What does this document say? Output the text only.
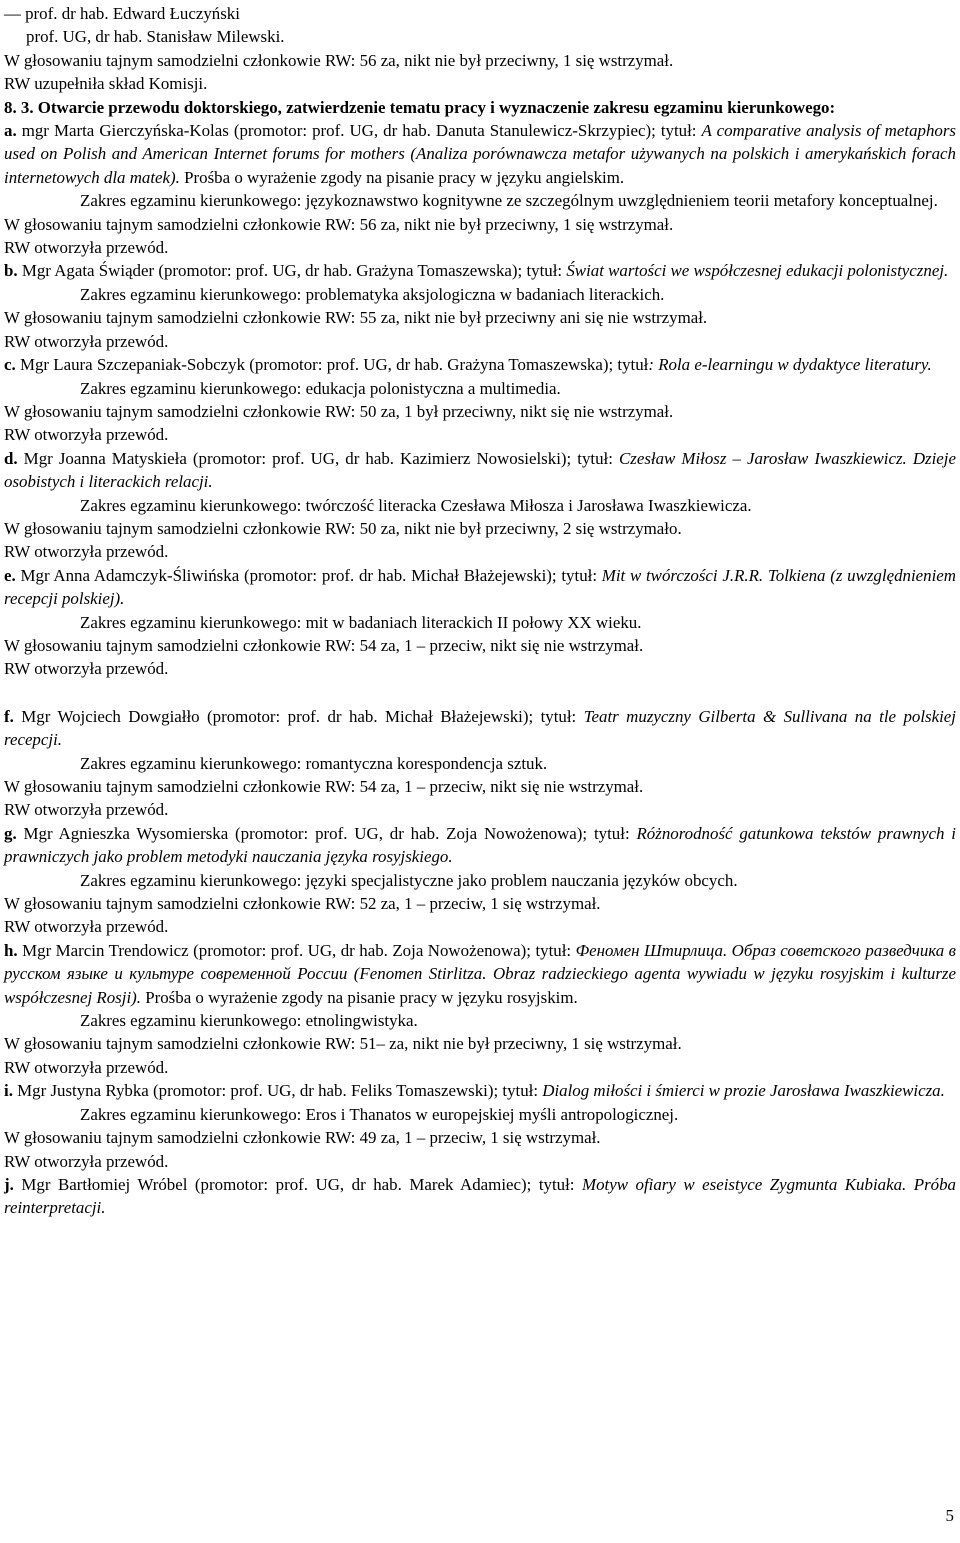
― prof. dr hab. Edward Łuczyński

prof. UG, dr hab. Stanisław Milewski.

W głosowaniu tajnym samodzielni członkowie RW: 56 za, nikt nie był przeciwny, 1 się wstrzymał.

RW uzupełniła skład Komisji.

8. 3. Otwarcie przewodu doktorskiego, zatwierdzenie tematu pracy i wyznaczenie zakresu egzaminu kierunkowego:

a. mgr Marta Gierczyńska-Kolas (promotor: prof. UG, dr hab. Danuta Stanulewicz-Skrzypiec); tytuł: A comparative analysis of metaphors used on Polish and American Internet forums for mothers (Analiza porównawcza metafor używanych na polskich i amerykańskich forach internetowych dla matek). Prośba o wyrażenie zgody na pisanie pracy w języku angielskim.

Zakres egzaminu kierunkowego: językoznawstwo kognitywne ze szczególnym uwzględnieniem teorii metafory konceptualnej.

W głosowaniu tajnym samodzielni członkowie RW: 56 za, nikt nie był przeciwny, 1 się wstrzymał.

RW otworzyła przewód.

b. Mgr Agata Świąder (promotor: prof. UG, dr hab. Grażyna Tomaszewska); tytuł: Świat wartości we współczesnej edukacji polonistycznej.

Zakres egzaminu kierunkowego: problematyka aksjologiczna w badaniach literackich.

W głosowaniu tajnym samodzielni członkowie RW: 55 za, nikt nie był przeciwny ani się nie wstrzymał.

RW otworzyła przewód.

c. Mgr Laura Szczepaniak-Sobczyk (promotor: prof. UG, dr hab. Grażyna Tomaszewska); tytuł: Rola e-learningu w dydaktyce literatury.

Zakres egzaminu kierunkowego: edukacja polonistyczna a multimedia.

W głosowaniu tajnym samodzielni członkowie RW: 50 za, 1 był przeciwny, nikt się nie wstrzymał.

RW otworzyła przewód.

d. Mgr Joanna Matyskieła (promotor: prof. UG, dr hab. Kazimierz Nowosielski); tytuł: Czesław Miłosz – Jarosław Iwaszkiewicz. Dzieje osobistych i literackich relacji.

Zakres egzaminu kierunkowego: twórczość literacka Czesława Miłosza i Jarosława Iwaszkiewicza.

W głosowaniu tajnym samodzielni członkowie RW: 50 za, nikt nie był przeciwny, 2 się wstrzymało.

RW otworzyła przewód.

e. Mgr Anna Adamczyk-Śliwińska (promotor: prof. dr hab. Michał Błażejewski); tytuł: Mit w twórczości J.R.R. Tolkiena (z uwzględnieniem recepcji polskiej).

Zakres egzaminu kierunkowego: mit w badaniach literackich II połowy XX wieku.

W głosowaniu tajnym samodzielni członkowie RW: 54 za, 1 – przeciw, nikt się nie wstrzymał.

RW otworzyła przewód.

f. Mgr Wojciech Dowgiałło (promotor: prof. dr hab. Michał Błażejewski); tytuł: Teatr muzyczny Gilberta & Sullivana na tle polskiej recepcji.

Zakres egzaminu kierunkowego: romantyczna korespondencja sztuk.

W głosowaniu tajnym samodzielni członkowie RW: 54 za, 1 – przeciw, nikt się nie wstrzymał.

RW otworzyła przewód.

g. Mgr Agnieszka Wysomierska (promotor: prof. UG, dr hab. Zoja Nowożenowa); tytuł: Różnorodność gatunkowa tekstów prawnych i prawniczych jako problem metodyki nauczania języka rosyjskiego.

Zakres egzaminu kierunkowego: języki specjalistyczne jako problem nauczania języków obcych.

W głosowaniu tajnym samodzielni członkowie RW: 52 za, 1 – przeciw, 1 się wstrzymał.

RW otworzyła przewód.

h. Mgr Marcin Trendowicz (promotor: prof. UG, dr hab. Zoja Nowożenowa); tytuł: Феномен Штирлица. Образ советского разведчика в русском языке и культуре современной России (Fenomen Stirlitza. Obraz radzieckiego agenta wywiadu w języku rosyjskim i kulturze współczesnej Rosji). Prośba o wyrażenie zgody na pisanie pracy w języku rosyjskim.

Zakres egzaminu kierunkowego: etnolingwistyka.

W głosowaniu tajnym samodzielni członkowie RW: 51– za, nikt nie był przeciwny, 1 się wstrzymał.

RW otworzyła przewód.

i. Mgr Justyna Rybka (promotor: prof. UG, dr hab. Feliks Tomaszewski); tytuł: Dialog miłości i śmierci w prozie Jarosława Iwaszkiewicza.

Zakres egzaminu kierunkowego: Eros i Thanatos w europejskiej myśli antropologicznej.

W głosowaniu tajnym samodzielni członkowie RW: 49 za, 1 – przeciw, 1 się wstrzymał.

RW otworzyła przewód.

j. Mgr Bartłomiej Wróbel (promotor: prof. UG, dr hab. Marek Adamiec); tytuł: Motyw ofiary w eseistyce Zygmunta Kubiaka. Próba reinterpretacji.

5
